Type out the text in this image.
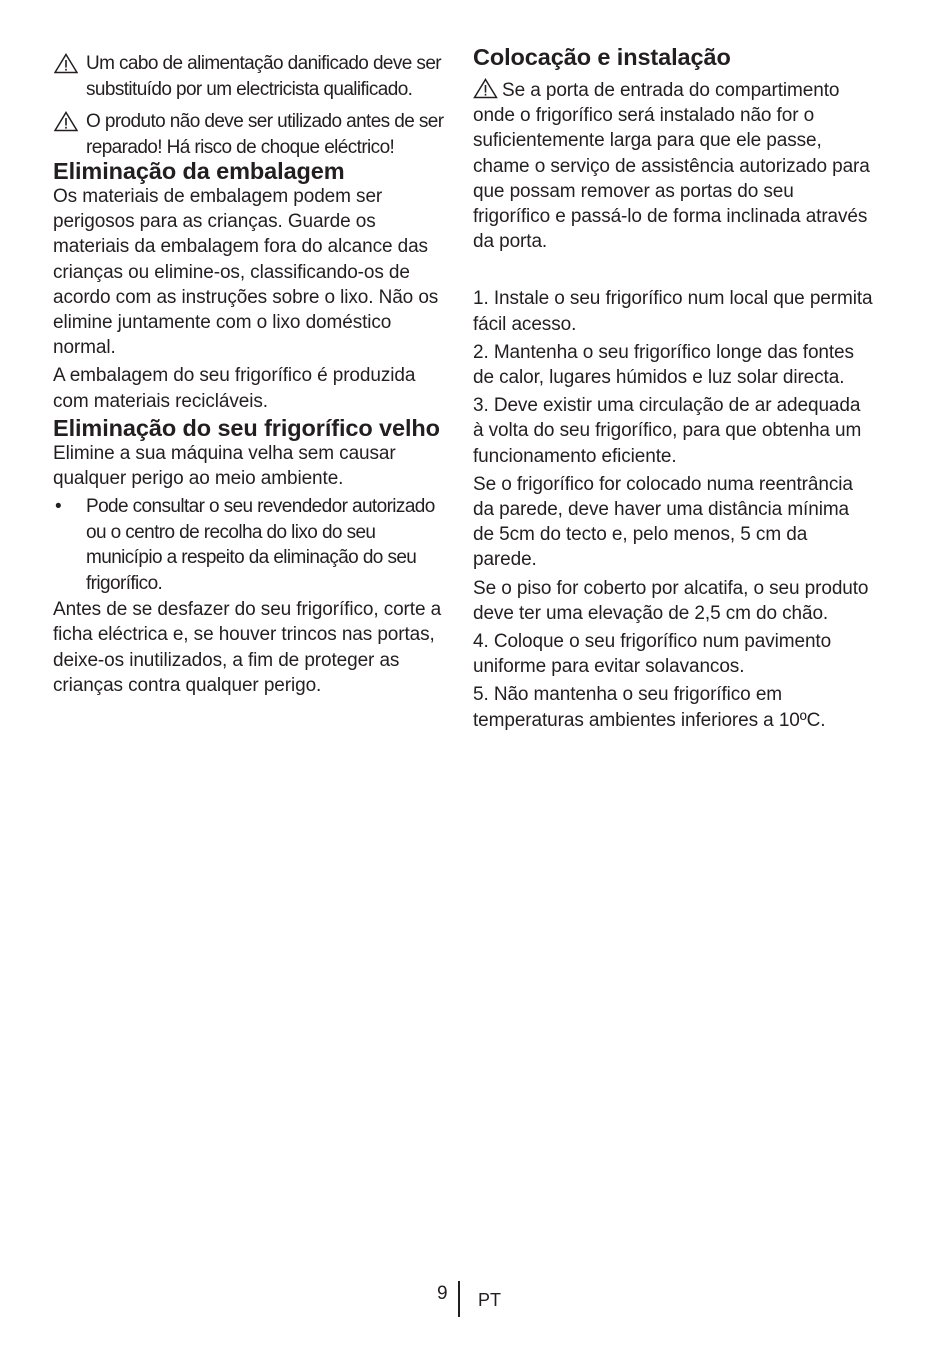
Um cabo de alimentação danificado deve ser substituído por um electricista qualificado.
O produto não deve ser utilizado antes de ser reparado! Há risco de choque eléctrico!
Eliminação da embalagem

Os materiais de embalagem podem ser perigosos para as crianças. Guarde os materiais da embalagem fora do alcance das crianças ou elimine-os, classificando-os de acordo com as instruções sobre o lixo. Não os elimine juntamente com o lixo doméstico normal.

A embalagem do seu frigorífico é produzida com materiais recicláveis.

Eliminação do seu frigorífico velho

Elimine a sua máquina velha sem causar qualquer perigo ao meio ambiente.

• Pode consultar o seu revendedor autorizado ou o centro de recolha do lixo do seu município a respeito da eliminação do seu frigorífico.

Antes de se desfazer do seu frigorífico, corte a ficha eléctrica e, se houver trincos nas portas, deixe-os inutilizados, a fim de proteger as crianças contra qualquer perigo.

Colocação e instalação

Se a porta de entrada do compartimento onde o frigorífico será instalado não for o suficientemente larga para que ele passe, chame o serviço de assistência autorizado para que possam remover as portas do seu frigorífico e passá-lo de forma inclinada através da porta.

1. Instale o seu frigorífico num local que permita fácil acesso.

2. Mantenha o seu frigorífico longe das fontes de calor, lugares húmidos e luz solar directa.

3. Deve existir uma circulação de ar adequada à volta do seu frigorífico, para que obtenha um funcionamento eficiente.

Se o frigorífico for colocado numa reentrância da parede, deve haver uma distância mínima de 5cm do tecto e, pelo menos, 5 cm da parede.

Se o piso for coberto por alcatifa, o seu produto deve ter uma elevação de 2,5 cm do chão.

4. Coloque o seu frigorífico num pavimento uniforme para evitar solavancos.

5. Não mantenha o seu frigorífico em temperaturas ambientes inferiores a 10ºC.

9 PT
